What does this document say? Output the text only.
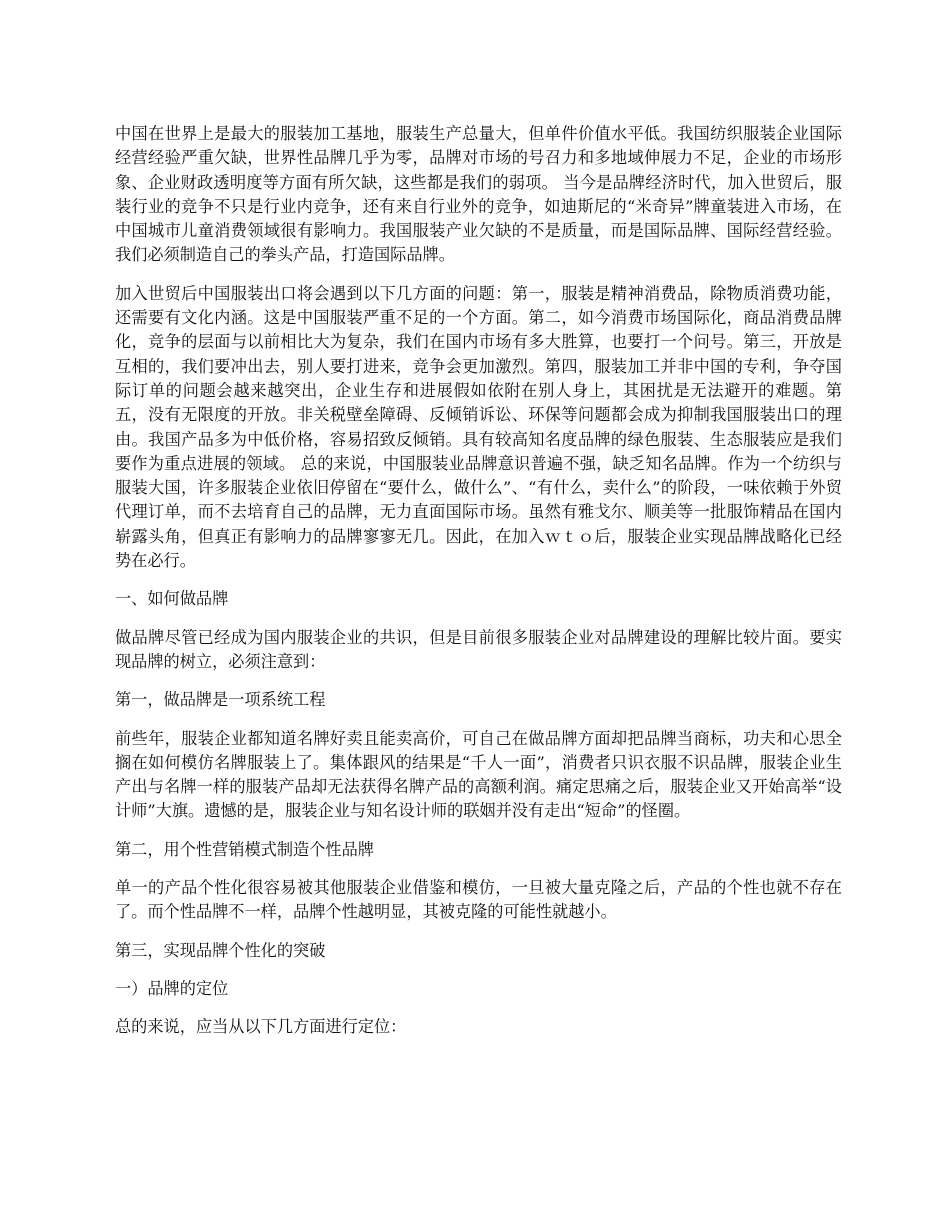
中国在世界上是最大的服装加工基地，服装生产总量大，但单件价值水平低。我国纺织服装企业国际经营经验严重欠缺，世界性品牌几乎为零，品牌对市场的号召力和多地域伸展力不足，企业的市场形象、企业财政透明度等方面有所欠缺，这些都是我们的弱项。 当今是品牌经济时代，加入世贸后，服装行业的竞争不只是行业内竞争，还有来自行业外的竞争，如迪斯尼的“米奇异”牌童装进入市场，在中国城市儿童消费领域很有影响力。我国服装产业欠缺的不是质量，而是国际品牌、国际经营经验。我们必须制造自己的拳头产品，打造国际品牌。

加入世贸后中国服装出口将会遇到以下几方面的问题：第一，服装是精神消费品，除物质消费功能，还需要有文化内涵。这是中国服装严重不足的一个方面。第二，如今消费市场国际化，商品消费品牌化，竞争的层面与以前相比大为复杂，我们在国内市场有多大胜算，也要打一个问号。第三，开放是互相的，我们要冲出去，别人要打进来，竞争会更加激烈。第四，服装加工并非中国的专利，争夺国际订单的问题会越来越突出，企业生存和进展假如依附在别人身上，其困扰是无法避开的难题。第五，没有无限度的开放。非关税壁垒障碍、反倾销诉讼、环保等问题都会成为抑制我国服装出口的理由。我国产品多为中低价格，容易招致反倾销。具有较高知名度品牌的绿色服装、生态服装应是我们要作为重点进展的领域。 总的来说，中国服装业品牌意识普遍不强，缺乏知名品牌。作为一个纺织与服装大国，许多服装企业依旧停留在“要什么，做什么”、“有什么，卖什么”的阶段，一味依赖于外贸代理订单，而不去培育自己的品牌，无力直面国际市场。虽然有雅戈尔、顺美等一批服饰精品在国内崭露头角，但真正有影响力的品牌寥寥无几。因此，在加入ｗｔｏ后，服装企业实现品牌战略化已经势在必行。

一、如何做品牌

做品牌尽管已经成为国内服装企业的共识，但是目前很多服装企业对品牌建设的理解比较片面。要实现品牌的树立，必须注意到：

第一，做品牌是一项系统工程

前些年，服装企业都知道名牌好卖且能卖高价，可自己在做品牌方面却把品牌当商标，功夫和心思全搁在如何模仿名牌服装上了。集体跟风的结果是“千人一面”，消费者只识衣服不识品牌，服装企业生产出与名牌一样的服装产品却无法获得名牌产品的高额利润。痛定思痛之后，服装企业又开始高举“设计师”大旗。遗憾的是，服装企业与知名设计师的联姻并没有走出“短命”的怪圈。

第二，用个性营销模式制造个性品牌

单一的产品个性化很容易被其他服装企业借鉴和模仿，一旦被大量克隆之后，产品的个性也就不存在了。而个性品牌不一样，品牌个性越明显，其被克隆的可能性就越小。

第三，实现品牌个性化的突破

一）品牌的定位

总的来说，应当从以下几方面进行定位：
